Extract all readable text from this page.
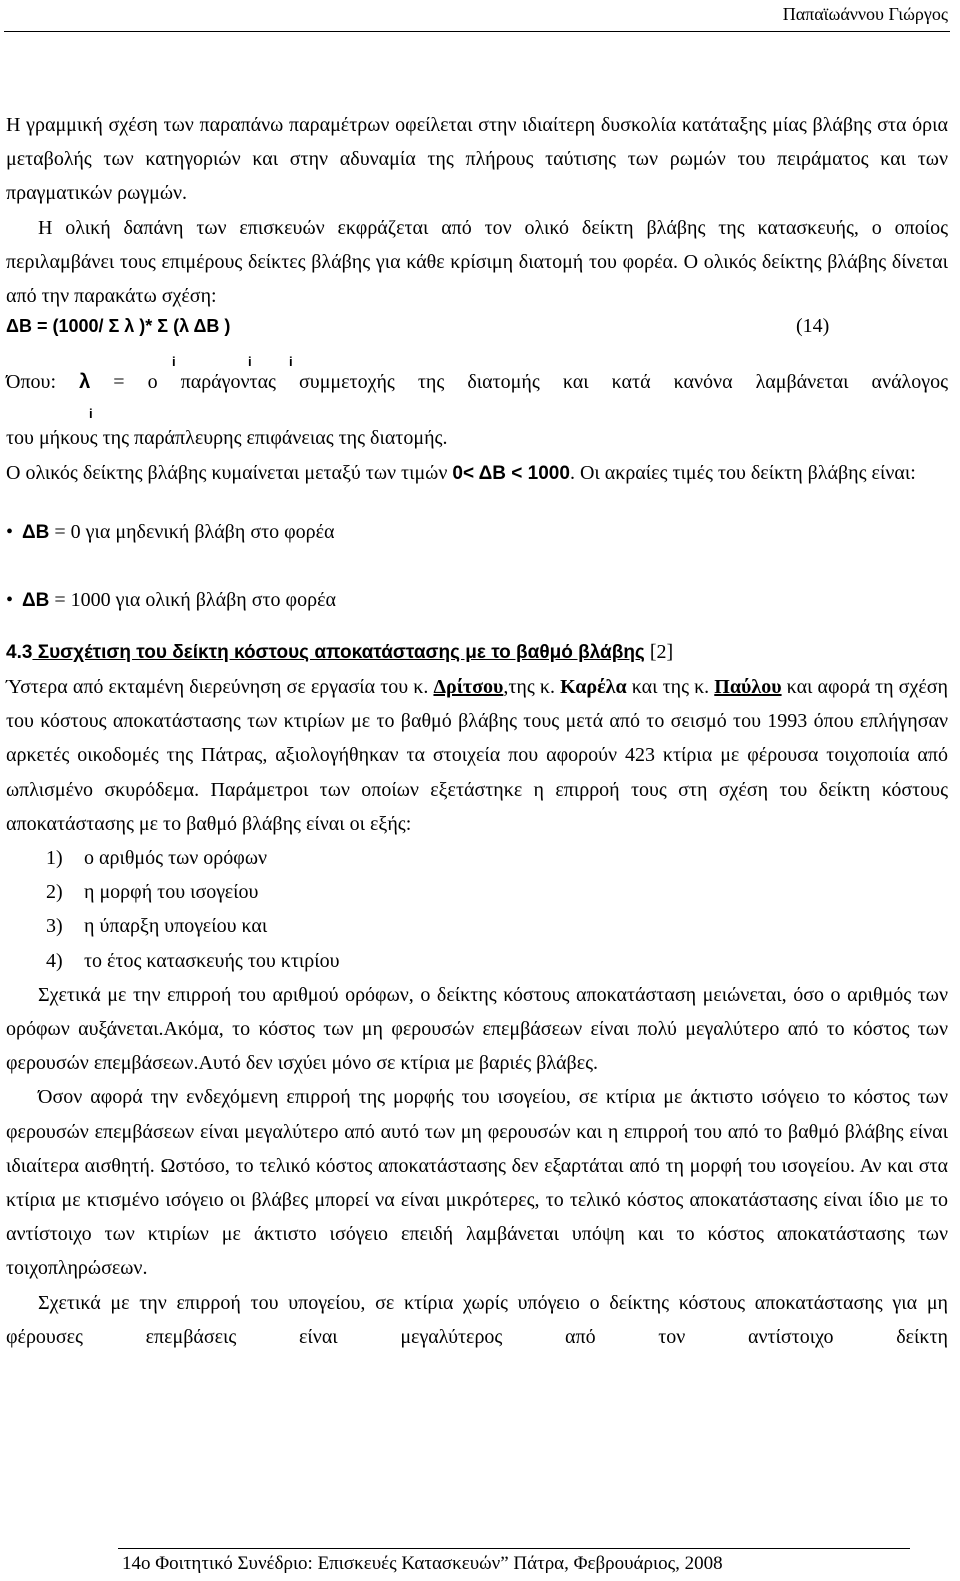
Παπαϊωάννου Γιώργος

Η γραμμική σχέση των παραπάνω παραμέτρων οφείλεται στην ιδιαίτερη δυσκολία κατάταξης μίας βλάβης στα όρια μεταβολής των κατηγοριών και στην αδυναμία της πλήρους ταύτισης των ρωμών του πειράματος και των πραγματικών ρωγμών.

Η ολική δαπάνη των επισκευών εκφράζεται από τον ολικό δείκτη βλάβης της κατασκευής, ο οποίος περιλαμβάνει τους επιμέρους δείκτες βλάβης για κάθε κρίσιμη διατομή του φορέα. Ο ολικός δείκτης βλάβης δίνεται από την παρακάτω σχέση:

ΔΒ = (1000/ Σ λ )* Σ (λ ΔΒ )	(14)
i	i	i

Όπου: λ = ο παράγοντας συμμετοχής της διατομής και κατά κανόνα λαμβάνεται ανάλογος

i

του μήκους της παράπλευρης επιφάνειας της διατομής.

Ο ολικός δείκτης βλάβης κυμαίνεται μεταξύ των τιμών 0< ΔΒ < 1000. Οι ακραίες τιμές του δείκτη βλάβης είναι:

• ΔΒ = 0 για μηδενική βλάβη στο φορέα
• ΔΒ = 1000 για ολική βλάβη στο φορέα

4.3 Συσχέτιση του δείκτη κόστους αποκατάστασης με το βαθμό βλάβης [2]

Ύστερα από εκταμένη διερεύνηση σε εργασία του κ. Δρίτσου,της κ. Καρέλα και της κ. Παύλου και αφορά τη σχέση του κόστους αποκατάστασης των κτιρίων με το βαθμό βλάβης τους μετά από το σεισμό του 1993 όπου επλήγησαν αρκετές οικοδομές της Πάτρας, αξιολογήθηκαν τα στοιχεία που αφορούν 423 κτίρια με φέρουσα τοιχοποιία από ωπλισμένο σκυρόδεμα. Παράμετροι των οποίων εξετάστηκε η επιρροή τους στη σχέση του δείκτη κόστους αποκατάστασης με το βαθμό βλάβης είναι οι εξής:

1) ο αριθμός των ορόφων
2) η μορφή του ισογείου
3) η ύπαρξη υπογείου και
4) το έτος κατασκευής του κτιρίου

Σχετικά με την επιρροή του αριθμού ορόφων, ο δείκτης κόστους αποκατάσταση μειώνεται, όσο ο αριθμός των ορόφων αυξάνεται.Ακόμα, το κόστος των μη φερουσών επεμβάσεων είναι πολύ μεγαλύτερο από το κόστος των φερουσών επεμβάσεων.Αυτό δεν ισχύει μόνο σε κτίρια με βαριές βλάβες.

Όσον αφορά την ενδεχόμενη επιρροή της μορφής του ισογείου, σε κτίρια με άκτιστο ισόγειο το κόστος των φερουσών επεμβάσεων είναι μεγαλύτερο από αυτό των μη φερουσών και η επιρροή του από το βαθμό βλάβης είναι ιδιαίτερα αισθητή. Ωστόσο, το τελικό κόστος αποκατάστασης δεν εξαρτάται από τη μορφή του ισογείου. Αν και στα κτίρια με κτισμένο ισόγειο οι βλάβες μπορεί να είναι μικρότερες, το τελικό κόστος αποκατάστασης είναι ίδιο με το αντίστοιχο των κτιρίων με άκτιστο ισόγειο επειδή λαμβάνεται υπόψη και το κόστος αποκατάστασης των τοιχοπληρώσεων.

Σχετικά με την επιρροή του υπογείου, σε κτίρια χωρίς υπόγειο ο δείκτης κόστους αποκατάστασης για μη φέρουσες επεμβάσεις είναι μεγαλύτερος από τον αντίστοιχο δείκτη

14ο Φοιτητικό Συνέδριο: Επισκευές Κατασκευών” Πάτρα, Φεβρουάριος, 2008
